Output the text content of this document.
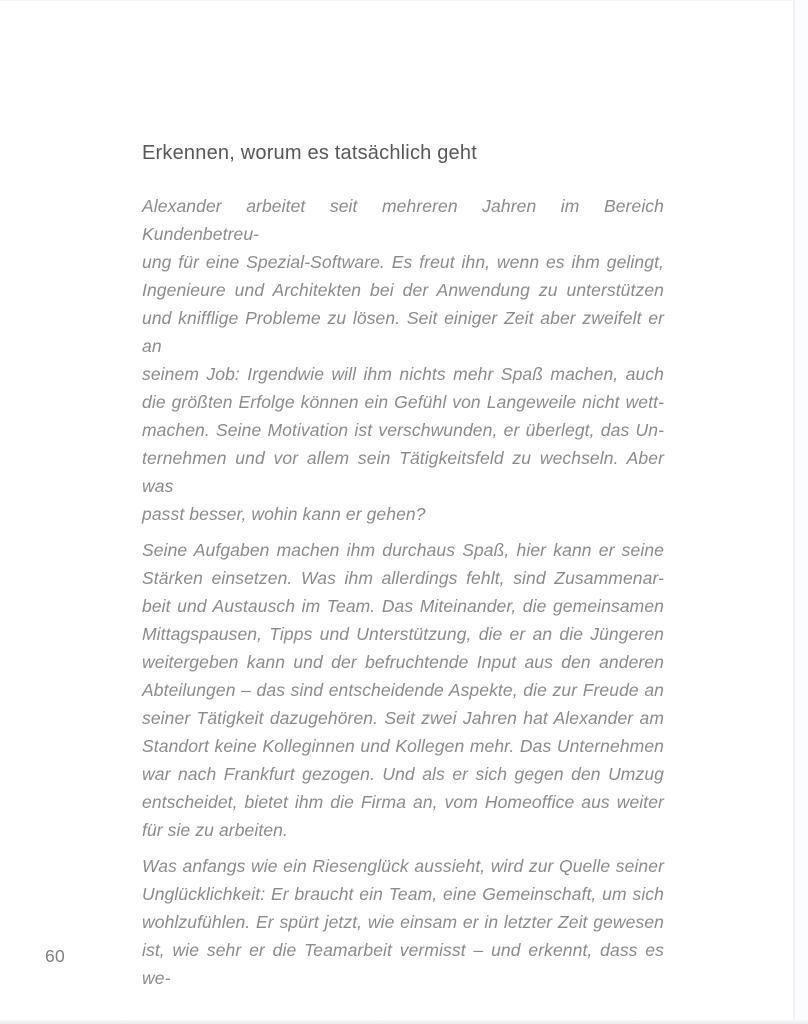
Erkennen, worum es tatsächlich geht
Alexander arbeitet seit mehreren Jahren im Bereich Kundenbetreu-
ung für eine Spezial-Software. Es freut ihn, wenn es ihm gelingt,
Ingenieure und Architekten bei der Anwendung zu unterstützen
und knifflige Probleme zu lösen. Seit einiger Zeit aber zweifelt er an
seinem Job: Irgendwie will ihm nichts mehr Spaß machen, auch
die größten Erfolge können ein Gefühl von Langeweile nicht wett-
machen. Seine Motivation ist verschwunden, er überlegt, das Un-
ternehmen und vor allem sein Tätigkeitsfeld zu wechseln. Aber was
passt besser, wohin kann er gehen?
Seine Aufgaben machen ihm durchaus Spaß, hier kann er seine
Stärken einsetzen. Was ihm allerdings fehlt, sind Zusammenar-
beit und Austausch im Team. Das Miteinander, die gemeinsamen
Mittagspausen, Tipps und Unterstützung, die er an die Jüngeren
weitergeben kann und der befruchtende Input aus den anderen
Abteilungen – das sind entscheidende Aspekte, die zur Freude an
seiner Tätigkeit dazugehören. Seit zwei Jahren hat Alexander am
Standort keine Kolleginnen und Kollegen mehr. Das Unternehmen
war nach Frankfurt gezogen. Und als er sich gegen den Umzug
entscheidet, bietet ihm die Firma an, vom Homeoffice aus weiter
für sie zu arbeiten.
Was anfangs wie ein Riesenglück aussieht, wird zur Quelle seiner
Unglücklichkeit: Er braucht ein Team, eine Gemeinschaft, um sich
wohlzufühlen. Er spürt jetzt, wie einsam er in letzter Zeit gewesen
ist, wie sehr er die Teamarbeit vermisst – und erkennt, dass es we-
60
